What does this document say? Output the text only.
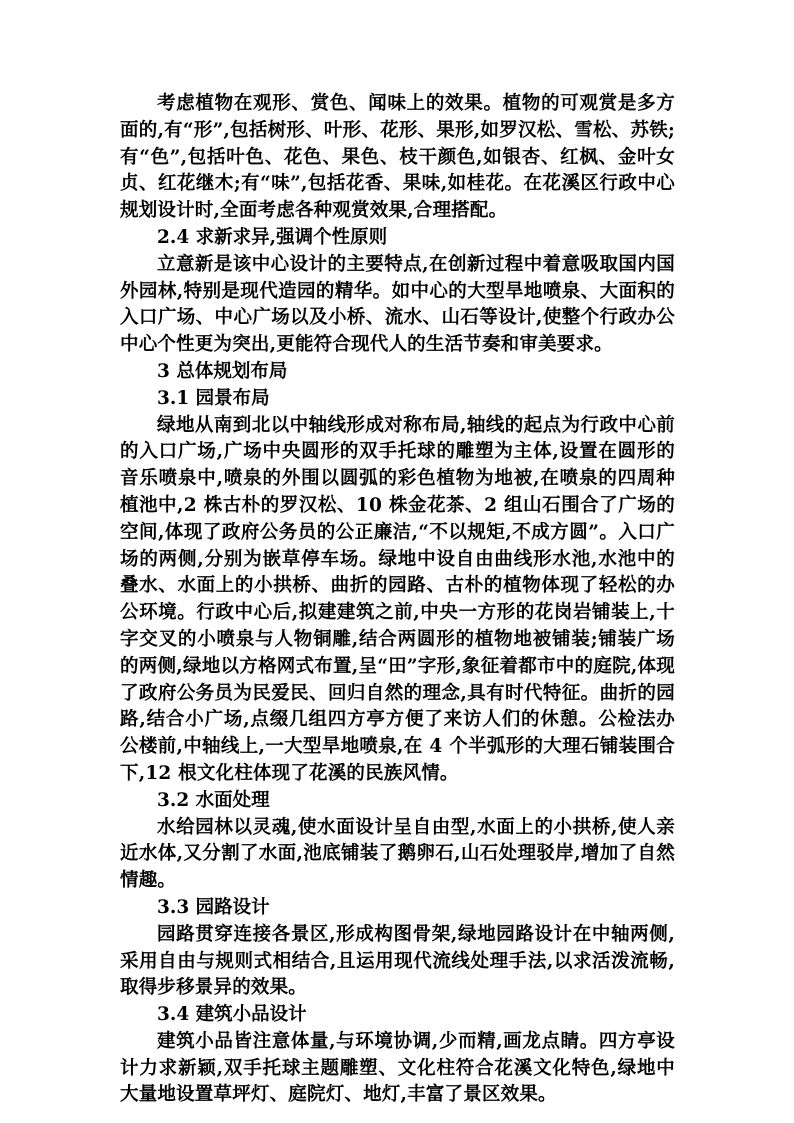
考虑植物在观形、赏色、闻味上的效果。植物的可观赏是多方面的,有“形”,包括树形、叶形、花形、果形,如罗汉松、雪松、苏铁;有“色”,包括叶色、花色、果色、枝干颜色,如银杏、红枫、金叶女贞、红花继木;有“味”,包括花香、果味,如桂花。在花溪区行政中心规划设计时,全面考虑各种观赏效果,合理搭配。

2.4 求新求异,强调个性原则

立意新是该中心设计的主要特点,在创新过程中着意吸取国内国外园林,特别是现代造园的精华。如中心的大型旱地喷泉、大面积的入口广场、中心广场以及小桥、流水、山石等设计,使整个行政办公中心个性更为突出,更能符合现代人的生活节奏和审美要求。

3 总体规划布局
3.1 园景布局

绿地从南到北以中轴线形成对称布局,轴线的起点为行政中心前的入口广场,广场中央圆形的双手托球的雕塑为主体,设置在圆形的音乐喷泉中,喷泉的外围以圆弧的彩色植物为地被,在喷泉的四周种植池中,2 株古朴的罗汉松、10 株金花茶、2 组山石围合了广场的空间,体现了政府公务员的公正廉洁,“不以规矩,不成方圆”。入口广场的两侧,分别为嵌草停车场。绿地中设自由曲线形水池,水池中的叠水、水面上的小拱桥、曲折的园路、古朴的植物体现了轻松的办公环境。行政中心后,拟建建筑之前,中央一方形的花岗岩铺装上,十字交叉的小喷泉与人物铜雕,结合两圆形的植物地被铺装;铺装广场的两侧,绿地以方格网式布置,呈“田”字形,象征着都市中的庭院,体现了政府公务员为民爱民、回归自然的理念,具有时代特征。曲折的园路,结合小广场,点缀几组四方亭方便了来访人们的休憩。公检法办公楼前,中轴线上,一大型旱地喷泉,在 4 个半弧形的大理石铺装围合下,12 根文化柱体现了花溪的民族风情。

3.2 水面处理

水给园林以灵魂,使水面设计呈自由型,水面上的小拱桥,使人亲近水体,又分割了水面,池底铺装了鹅卵石,山石处理驳岸,增加了自然情趣。

3.3 园路设计

园路贯穿连接各景区,形成构图骨架,绿地园路设计在中轴两侧,采用自由与规则式相结合,且运用现代流线处理手法,以求活泼流畅,取得步移景异的效果。

3.4 建筑小品设计

建筑小品皆注意体量,与环境协调,少而精,画龙点睛。四方亭设计力求新颖,双手托球主题雕塑、文化柱符合花溪文化特色,绿地中大量地设置草坪灯、庭院灯、地灯,丰富了景区效果。
